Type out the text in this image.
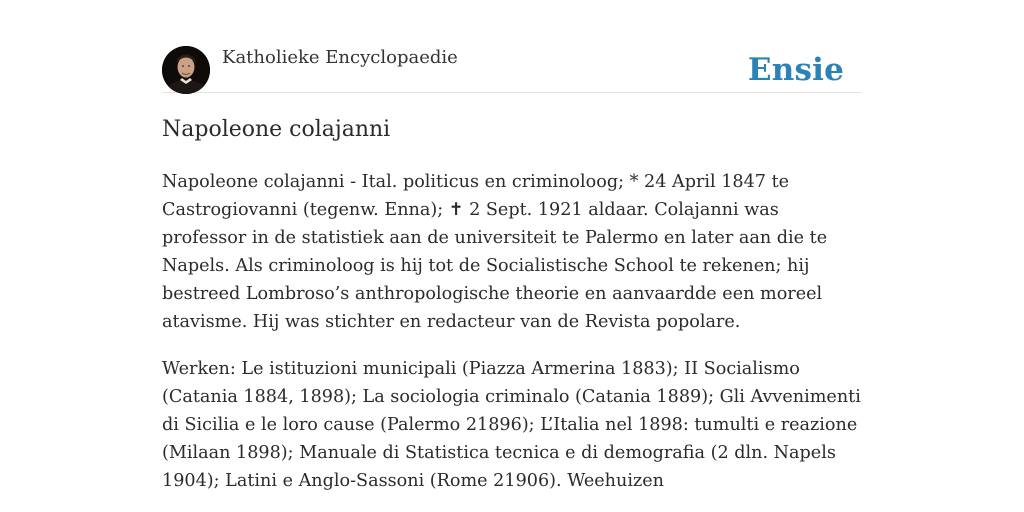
Katholieke Encyclopaedie	Ensie
Napoleone colajanni

Napoleone colajanni - Ital. politicus en criminoloog; * 24 April 1847 te Castrogiovanni (tegenw. Enna); ✝ 2 Sept. 1921 aldaar. Colajanni was professor in de statistiek aan de universiteit te Palermo en later aan die te Napels. Als criminoloog is hij tot de Socialistische School te rekenen; hij bestreed Lombroso’s anthropologische theorie en aanvaardde een moreel atavisme. Hij was stichter en redacteur van de Revista popolare.

Werken: Le istituzioni municipali (Piazza Armerina 1883); II Socialismo (Catania 1884, 1898); La sociologia criminalo (Catania 1889); Gli Avvenimenti di Sicilia e le loro cause (Palermo 21896); L’Italia nel 1898: tumulti e reazione (Milaan 1898); Manuale di Statistica tecnica e di demografia (2 dln. Napels 1904); Latini e Anglo-Sassoni (Rome 21906). Weehuizen
